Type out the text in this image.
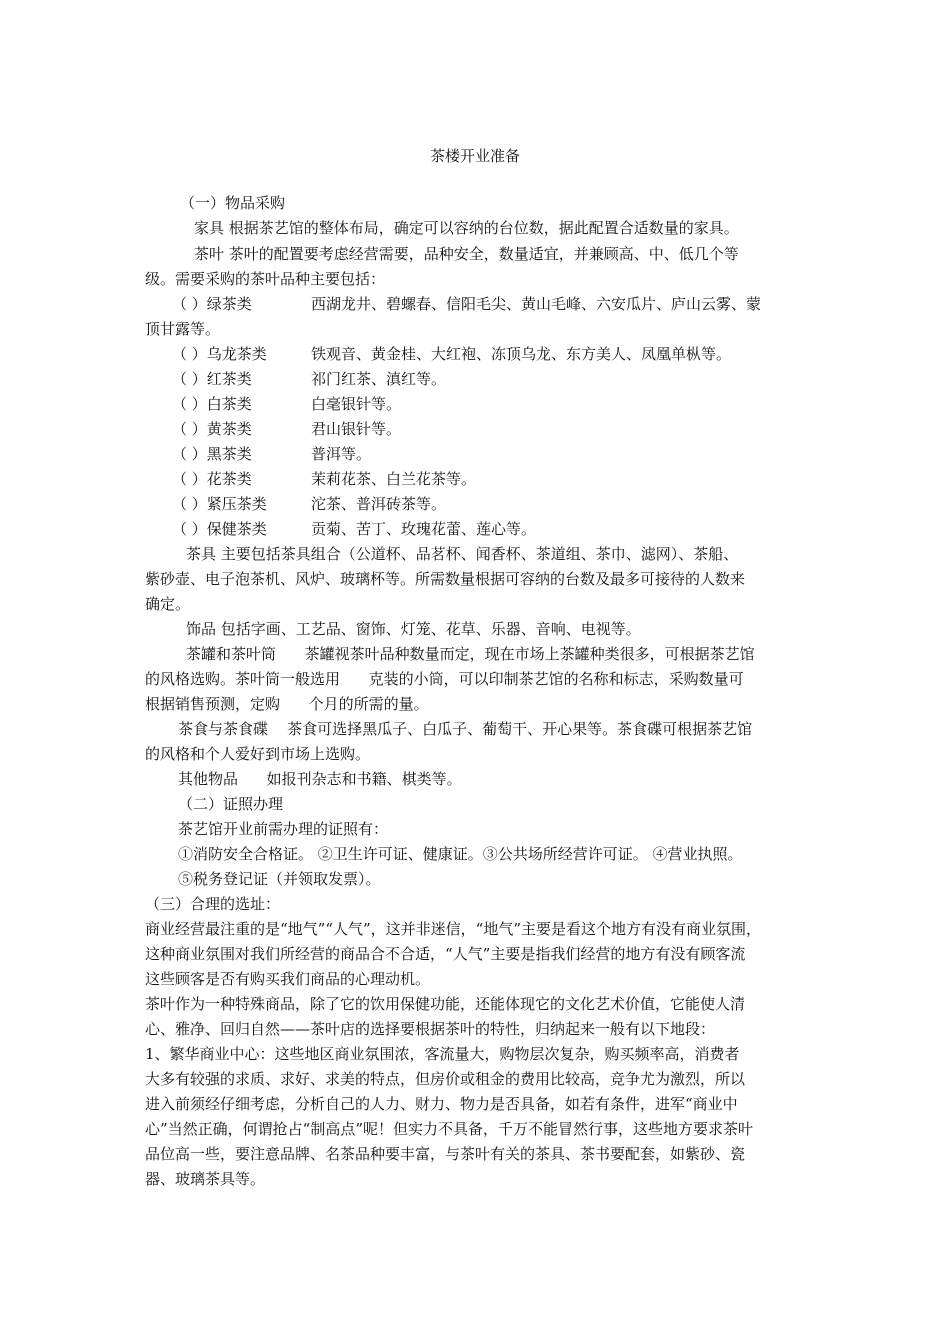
茶楼开业准备
（一）物品采购
家具 根据茶艺馆的整体布局，确定可以容纳的台位数，据此配置合适数量的家具。
茶叶 茶叶的配置要考虑经营需要，品种安全，数量适宜，并兼顾高、中、低几个等
级。需要采购的茶叶品种主要包括：
（ ）绿茶类	西湖龙井、碧螺春、信阳毛尖、黄山毛峰、六安瓜片、庐山云雾、蒙
顶甘露等。
（ ）乌龙茶类	铁观音、黄金桂、大红袍、冻顶乌龙、东方美人、凤凰单枞等。
（ ）红茶类	祁门红茶、滇红等。
（ ）白茶类	白毫银针等。
（ ）黄茶类	君山银针等。
（ ）黑茶类	普洱等。
（ ）花茶类	茉莉花茶、白兰花茶等。
（ ）紧压茶类	沱茶、普洱砖茶等。
（ ）保健茶类	贡菊、苦丁、玫瑰花蕾、莲心等。
茶具 主要包括茶具组合（公道杯、品茗杯、闻香杯、茶道组、茶巾、滤网）、茶船、
紫砂壶、电子泡茶机、风炉、玻璃杯等。所需数量根据可容纳的台数及最多可接待的人数来
确定。
饰品 包括字画、工艺品、窗饰、灯笼、花草、乐器、音响、电视等。
茶罐和茶叶筒      茶罐视茶叶品种数量而定，现在市场上茶罐种类很多，可根据茶艺馆
的风格选购。茶叶筒一般选用      克装的小筒，可以印制茶艺馆的名称和标志，采购数量可
根据销售预测，定购      个月的所需的量。
茶食与茶食碟    茶食可选择黑瓜子、白瓜子、葡萄干、开心果等。茶食碟可根据茶艺馆
的风格和个人爱好到市场上选购。
其他物品      如报刊杂志和书籍、棋类等。
（二）证照办理
茶艺馆开业前需办理的证照有：
①消防安全合格证。 ②卫生许可证、健康证。③公共场所经营许可证。 ④营业执照。
⑤税务登记证（并领取发票）。
（三）合理的选址：
商业经营最注重的是“地气”“人气”，这并非迷信，“地气”主要是看这个地方有没有商业氛围，
这种商业氛围对我们所经营的商品合不合适，“人气”主要是指我们经营的地方有没有顾客流
这些顾客是否有购买我们商品的心理动机。
茶叶作为一种特殊商品，除了它的饮用保健功能，还能体现它的文化艺术价值，它能使人清
心、雅净、回归自然——茶叶店的选择要根据茶叶的特性，归纳起来一般有以下地段：
1、繁华商业中心：这些地区商业氛围浓，客流量大，购物层次复杂，购买频率高，消费者
大多有较强的求质、求好、求美的特点，但房价或租金的费用比较高，竞争尤为激烈，所以
进入前须经仔细考虑，分析自己的人力、财力、物力是否具备，如若有条件，进军“商业中
心”当然正确，何谓抢占“制高点”呢！但实力不具备，千万不能冒然行事，这些地方要求茶叶
品位高一些，要注意品牌、名茶品种要丰富，与茶叶有关的茶具、茶书要配套，如紫砂、瓷
器、玻璃茶具等。
